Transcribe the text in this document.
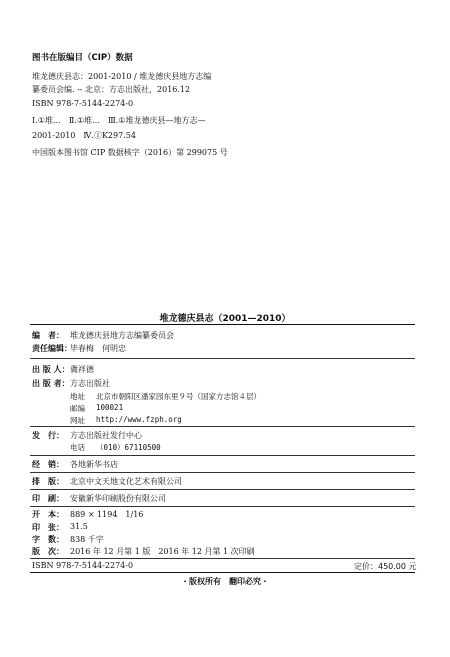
图书在版编目（CIP）数据
堆龙德庆县志：2001-2010 / 堆龙德庆县地方志编
纂委员会编. -- 北京：方志出版社，2016.12
ISBN 978-7-5144-2274-0
Ⅰ.①堆…　Ⅱ.①堆…　Ⅲ.①堆龙德庆县—地方志—
2001-2010　Ⅳ.①K297.54
中国版本图书馆 CIP 数据核字（2016）第 299075 号
堆龙德庆县志（2001—2010）
编　者： 堆龙德庆县地方志编纂委员会
责任编辑：
毕春梅　何明忠
出 版 人： 冀祥德
出 版 者： 方志出版社
地址 北京市朝阳区潘家园东里９号（国家方志馆４层）
邮编 100021
网址 http://www.fzph.org
发　行： 方志出版社发行中心
电话 （010）67110500
经　销： 各地新华书店
排　版： 北京中文天地文化艺术有限公司
印　刷： 安徽新华印刷股份有限公司
开　本： 889 × 1194　1/16
印　张： 31.5
字　数： 838 千字
版　次： 2016 年 12 月第 1 版　2016 年 12 月第 1 次印刷
ISBN 978-7-5144-2274-0	定价：450.00 元
・版权所有　翻印必究・
